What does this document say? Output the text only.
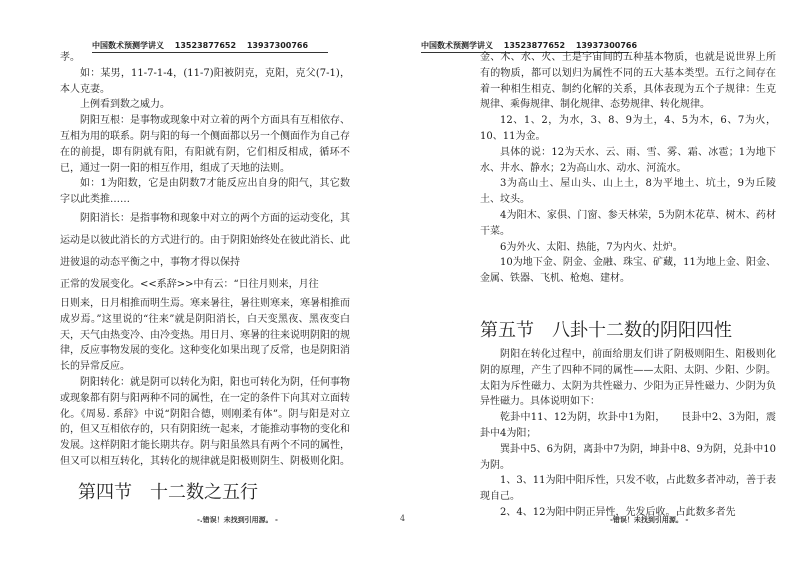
中国数术预测学讲义 13523877652 13937300766

孝。

如：某男，11-7-1-4，(11-7)阳被阴克，克阳，克父(7-1)，本人克妻。

上例看到数之威力。

阴阳互根：是事物或现象中对立着的两个方面具有互相依存、互相为用的联系。阴与阳的每一个侧面都以另一个侧面作为自己存在的前提，即有阴就有阳，有阳就有阴，它们相反相成，循环不已，通过一阴一阳的相互作用，组成了天地的法则。

如：1为阳数，它是由阴数7才能反应出自身的阳气，其它数字以此类推……

阴阳消长：是指事物和现象中对立的两个方面的运动变化，其运动是以彼此消长的方式进行的。由于阴阳始终处在彼此消长、此进彼退的动态平衡之中，事物才得以保持

正常的发展变化。<<系辞>>中有云：“日往月则来，月往

日则来，日月相推而明生焉。寒来暑往，暑往则寒来，寒暑相推而成岁焉。”这里说的“往来”就是阴阳消长，白天变黑夜、黑夜变白天，天气由热变冷、由冷变热。用日月、寒暑的往来说明阴阳的规律，反应事物发展的变化。这种变化如果出现了反常，也是阴阳消长的异常反应。

阴阳转化：就是阴可以转化为阳，阳也可转化为阴，任何事物或现象都有阴与阳两种不同的属性，在一定的条件下向其对立面转化。《周易. 系辞》中说“阴阳合德，则刚柔有体”。阴与阳是对立的，但又互相依存的，只有阴阳统一起来，才能推动事物的变化和发展。这样阴阳才能长期共存。阴与阳虽然具有两个不同的属性，但又可以相互转化，其转化的规律就是阳极则阴生、阴极则化阳。

第四节　十二数之五行
-.错误！未找到引用源。 -	4
中国数术预测学讲义 13523877652 13937300766

金、木、水、火、土是宇宙间的五种基本物质，也就是说世界上所有的物质，都可以划归为属性不同的五大基本类型。五行之间存在着一种相生相克、制约化解的关系，具体表现为五个子规律：生克规律、乘侮规律、制化规律、态势规律、转化规律。

12、1、2，为水，3、8、9为土，4、5为木，6、7为火，10、11为金。

具体的说：12为天水、云、雨、雪、雾、霜、冰雹；1为地下水、井水、静水；2为高山水、动水、河流水。

3为高山土、屋山头、山上土，8为平地土、坑土，9为丘陵土、坟头。

4为阳木、家俱、门窗、参天林荣，5为阴木花草、树木、药材干菜。

6为外火、太阳、热能，7为内火、灶炉。

10为地下金、阴金、金融、珠宝、矿藏，11为地上金、阳金、金属、铁器、飞机、枪炮、建材。

第五节　八卦十二数的阴阳四性

阴阳在转化过程中，前面给朋友们讲了阴极则阳生、阳极则化阴的原理，产生了四种不同的属性——太阳、太阴、少阳、少阴。太阳为斥性磁力、太阴为共性磁力、少阳为正异性磁力、少阴为负异性磁力。具体说明如下：

乾卦中11、12为阴，坎卦中1为阳，　　艮卦中2、3为阳，震卦中4为阳；

巽卦中5、6为阴，离卦中7为阴，坤卦中8、9为阴，兑卦中10为阴。

1、3、11为阳中阳斥性，只发不收，占此数多者冲动，善于表现自己。

2、4、12为阳中阴正异性，先发后收。占此数多者先

-错误！未找到引用源。 -
